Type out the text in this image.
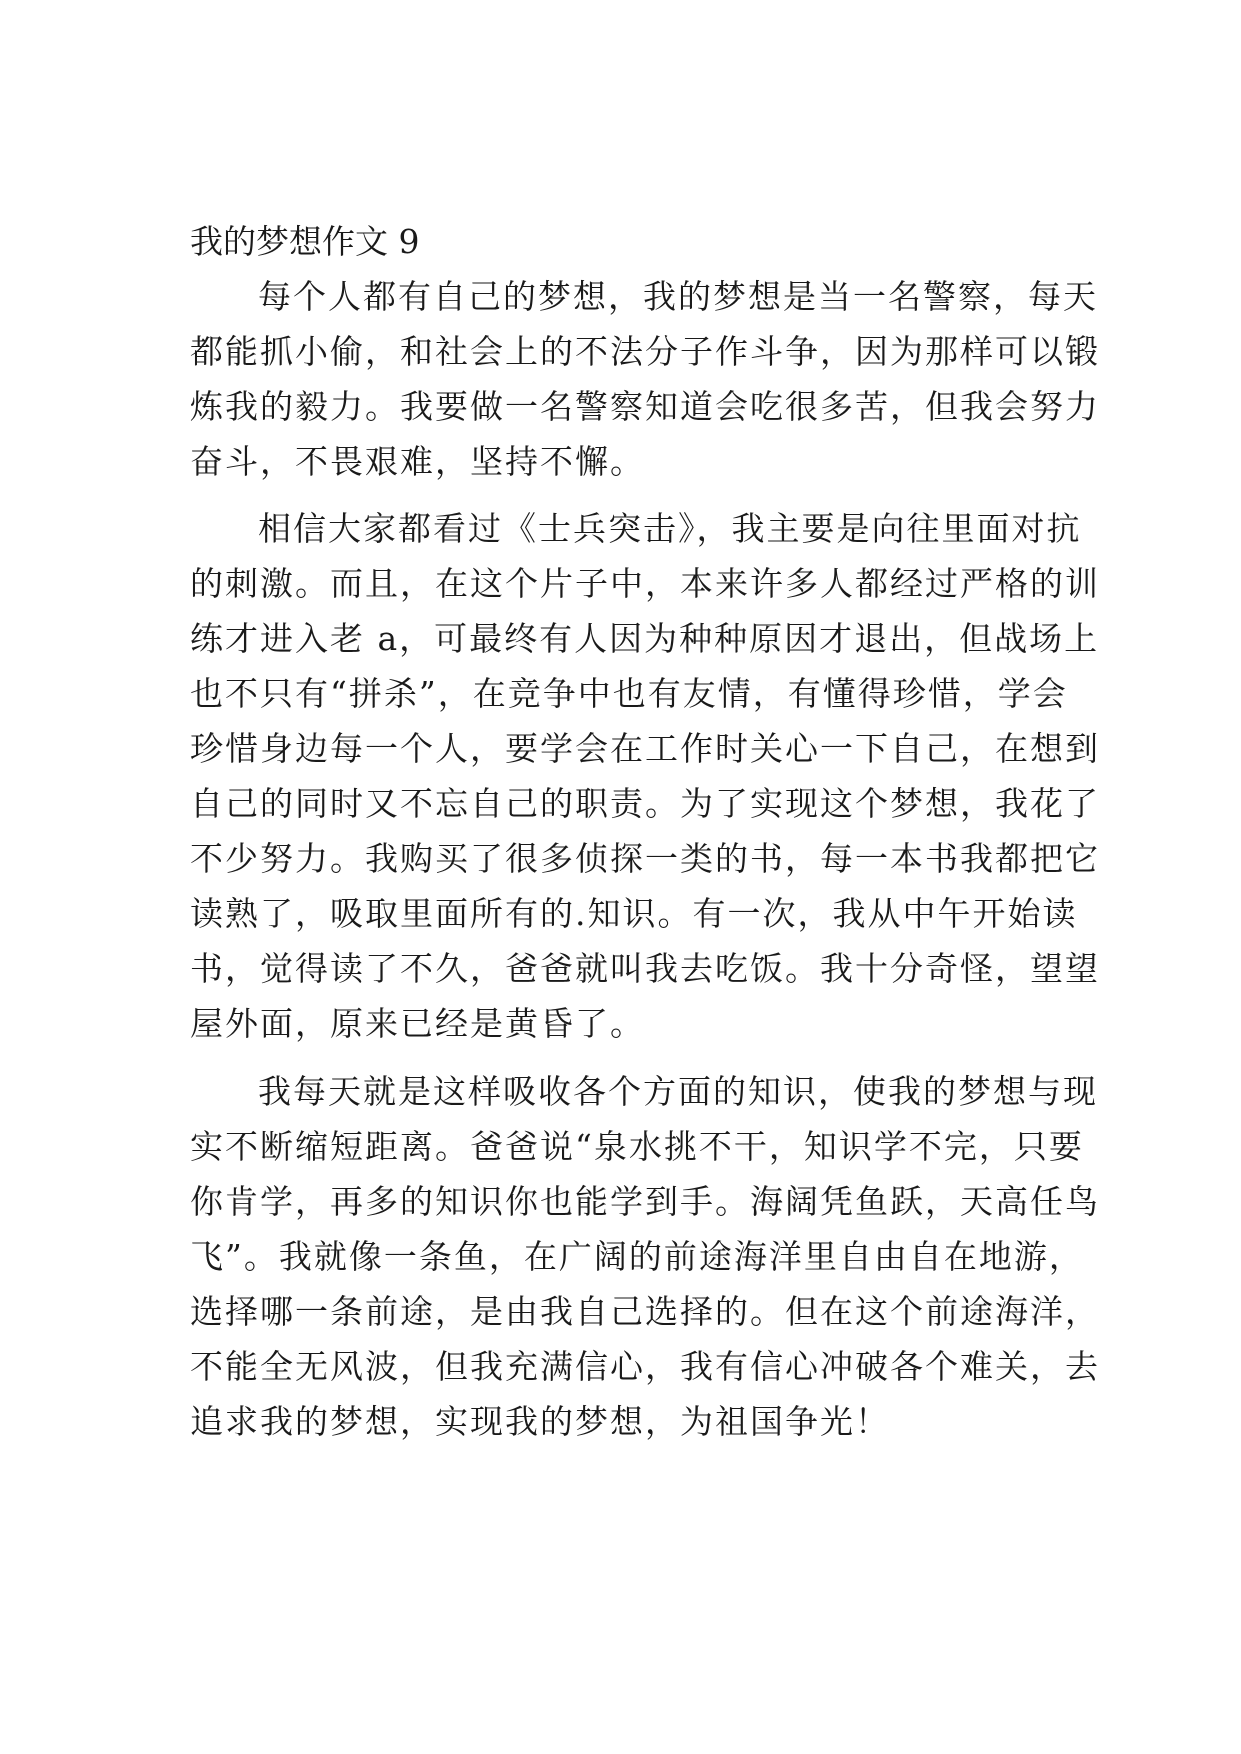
我的梦想作文 9
每个人都有自己的梦想，我的梦想是当一名警察，每天
都能抓小偷，和社会上的不法分子作斗争，因为那样可以锻
炼我的毅力。我要做一名警察知道会吃很多苦，但我会努力
奋斗，不畏艰难，坚持不懈。
相信大家都看过《士兵突击》，我主要是向往里面对抗
的刺激。而且，在这个片子中，本来许多人都经过严格的训
练才进入老 a，可最终有人因为种种原因才退出，但战场上
也不只有“拼杀”，在竞争中也有友情，有懂得珍惜，学会
珍惜身边每一个人，要学会在工作时关心一下自己，在想到
自己的同时又不忘自己的职责。为了实现这个梦想，我花了
不少努力。我购买了很多侦探一类的书，每一本书我都把它
读熟了，吸取里面所有的.知识。有一次，我从中午开始读
书，觉得读了不久，爸爸就叫我去吃饭。我十分奇怪，望望
屋外面，原来已经是黄昏了。
我每天就是这样吸收各个方面的知识，使我的梦想与现
实不断缩短距离。爸爸说“泉水挑不干，知识学不完，只要
你肯学，再多的知识你也能学到手。海阔凭鱼跃，天高任鸟
飞”。我就像一条鱼，在广阔的前途海洋里自由自在地游，
选择哪一条前途，是由我自己选择的。但在这个前途海洋，
不能全无风波，但我充满信心，我有信心冲破各个难关，去
追求我的梦想，实现我的梦想，为祖国争光！
